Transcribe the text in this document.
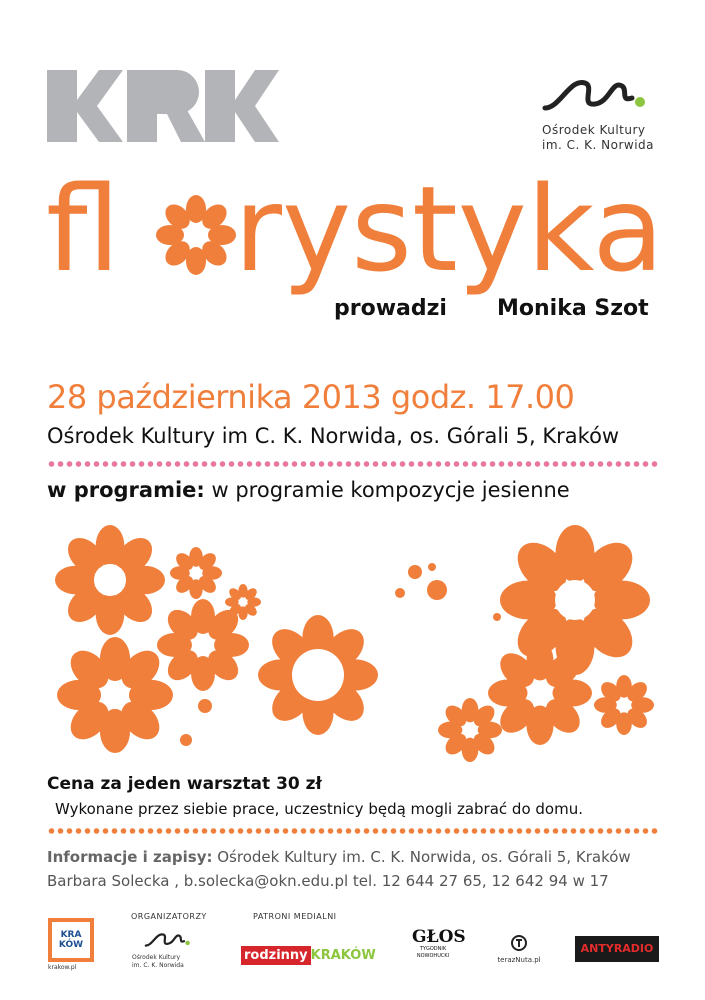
Ośrodek Kultury
im. C. K. Norwida
fl rystyka
prowadzi Monika Szot
28 października 2013 godz. 17.00
Ośrodek Kultury im C. K. Norwida, os. Górali 5, Kraków
w programie: w programie kompozycje jesienne
Cena za jeden warsztat 30 zł
Wykonane przez siebie prace, uczestnicy będą mogli zabrać do domu.
Informacje i zapisy: Ośrodek Kultury im. C. K. Norwida, os. Górali 5, Kraków
Barbara Solecka , b.solecka@okn.edu.pl tel. 12 644 27 65, 12 642 94 w 17
ORGANIZATORZY	PATRONI MEDIALNI
KRA KÓW
krakow.pl
Ośrodek Kultury
im. C. K. Norwida
rodzinny KRAKÓW
GŁOS
TYGODNIK
NOWOHUCKI	terazNuta.pl
ANTYRADIO
